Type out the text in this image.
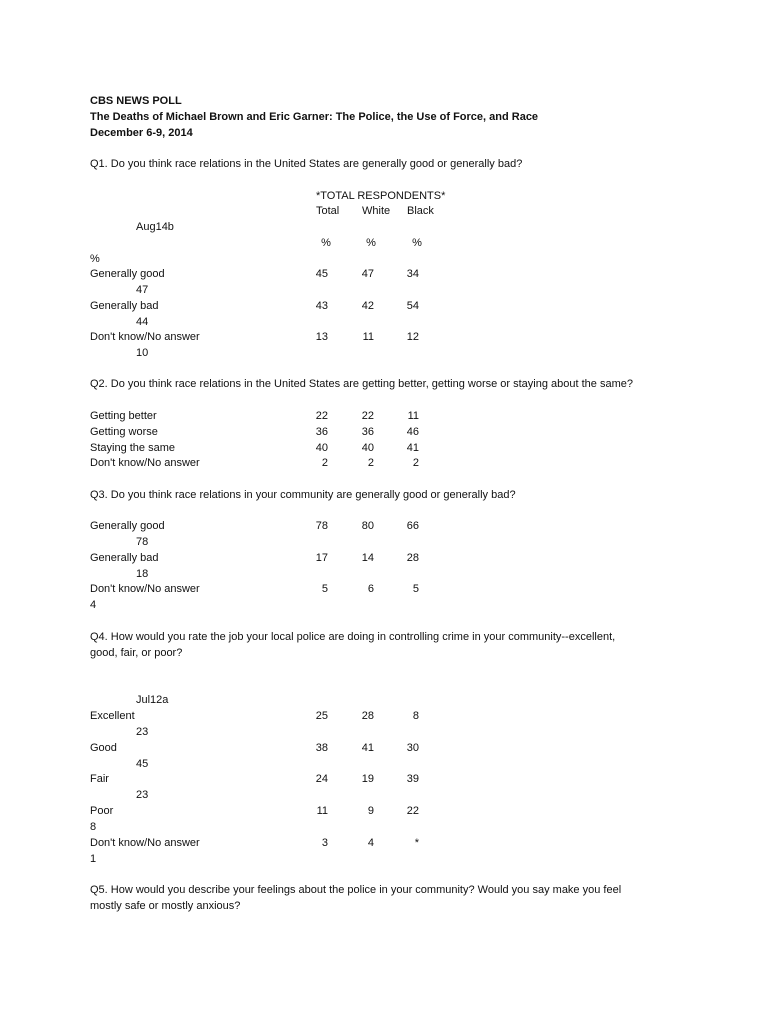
CBS NEWS POLL
The Deaths of Michael Brown and Eric Garner: The Police, the Use of Force, and Race
December 6-9, 2014
Q1. Do you think race relations in the United States are generally good or generally bad?
*TOTAL RESPONDENTS*
Total White Black
Aug14b
%	%	%
%
Generally good	45	47	34
47
Generally bad	43	42	54
44
Don't know/No answer	13	11	12
10
Q2. Do you think race relations in the United States are getting better, getting worse or staying about the same?
Getting better	22	22	11
Getting worse	36	36	46
Staying the same	40	40	41
Don't know/No answer	2	2	2
Q3. Do you think race relations in your community are generally good or generally bad?
Generally good	78	80	66
78
Generally bad	17	14	28
18
Don't know/No answer	5	6	5
4
Q4. How would you rate the job your local police are doing in controlling crime in your community--excellent,
good, fair, or poor?
Jul12a
Excellent	25	28	8
23
Good	38	41	30
45
Fair	24	19	39
23
Poor	11	9	22
8
Don't know/No answer	3	4	*
1
Q5. How would you describe your feelings about the police in your community? Would you say make you feel
mostly safe or mostly anxious?
